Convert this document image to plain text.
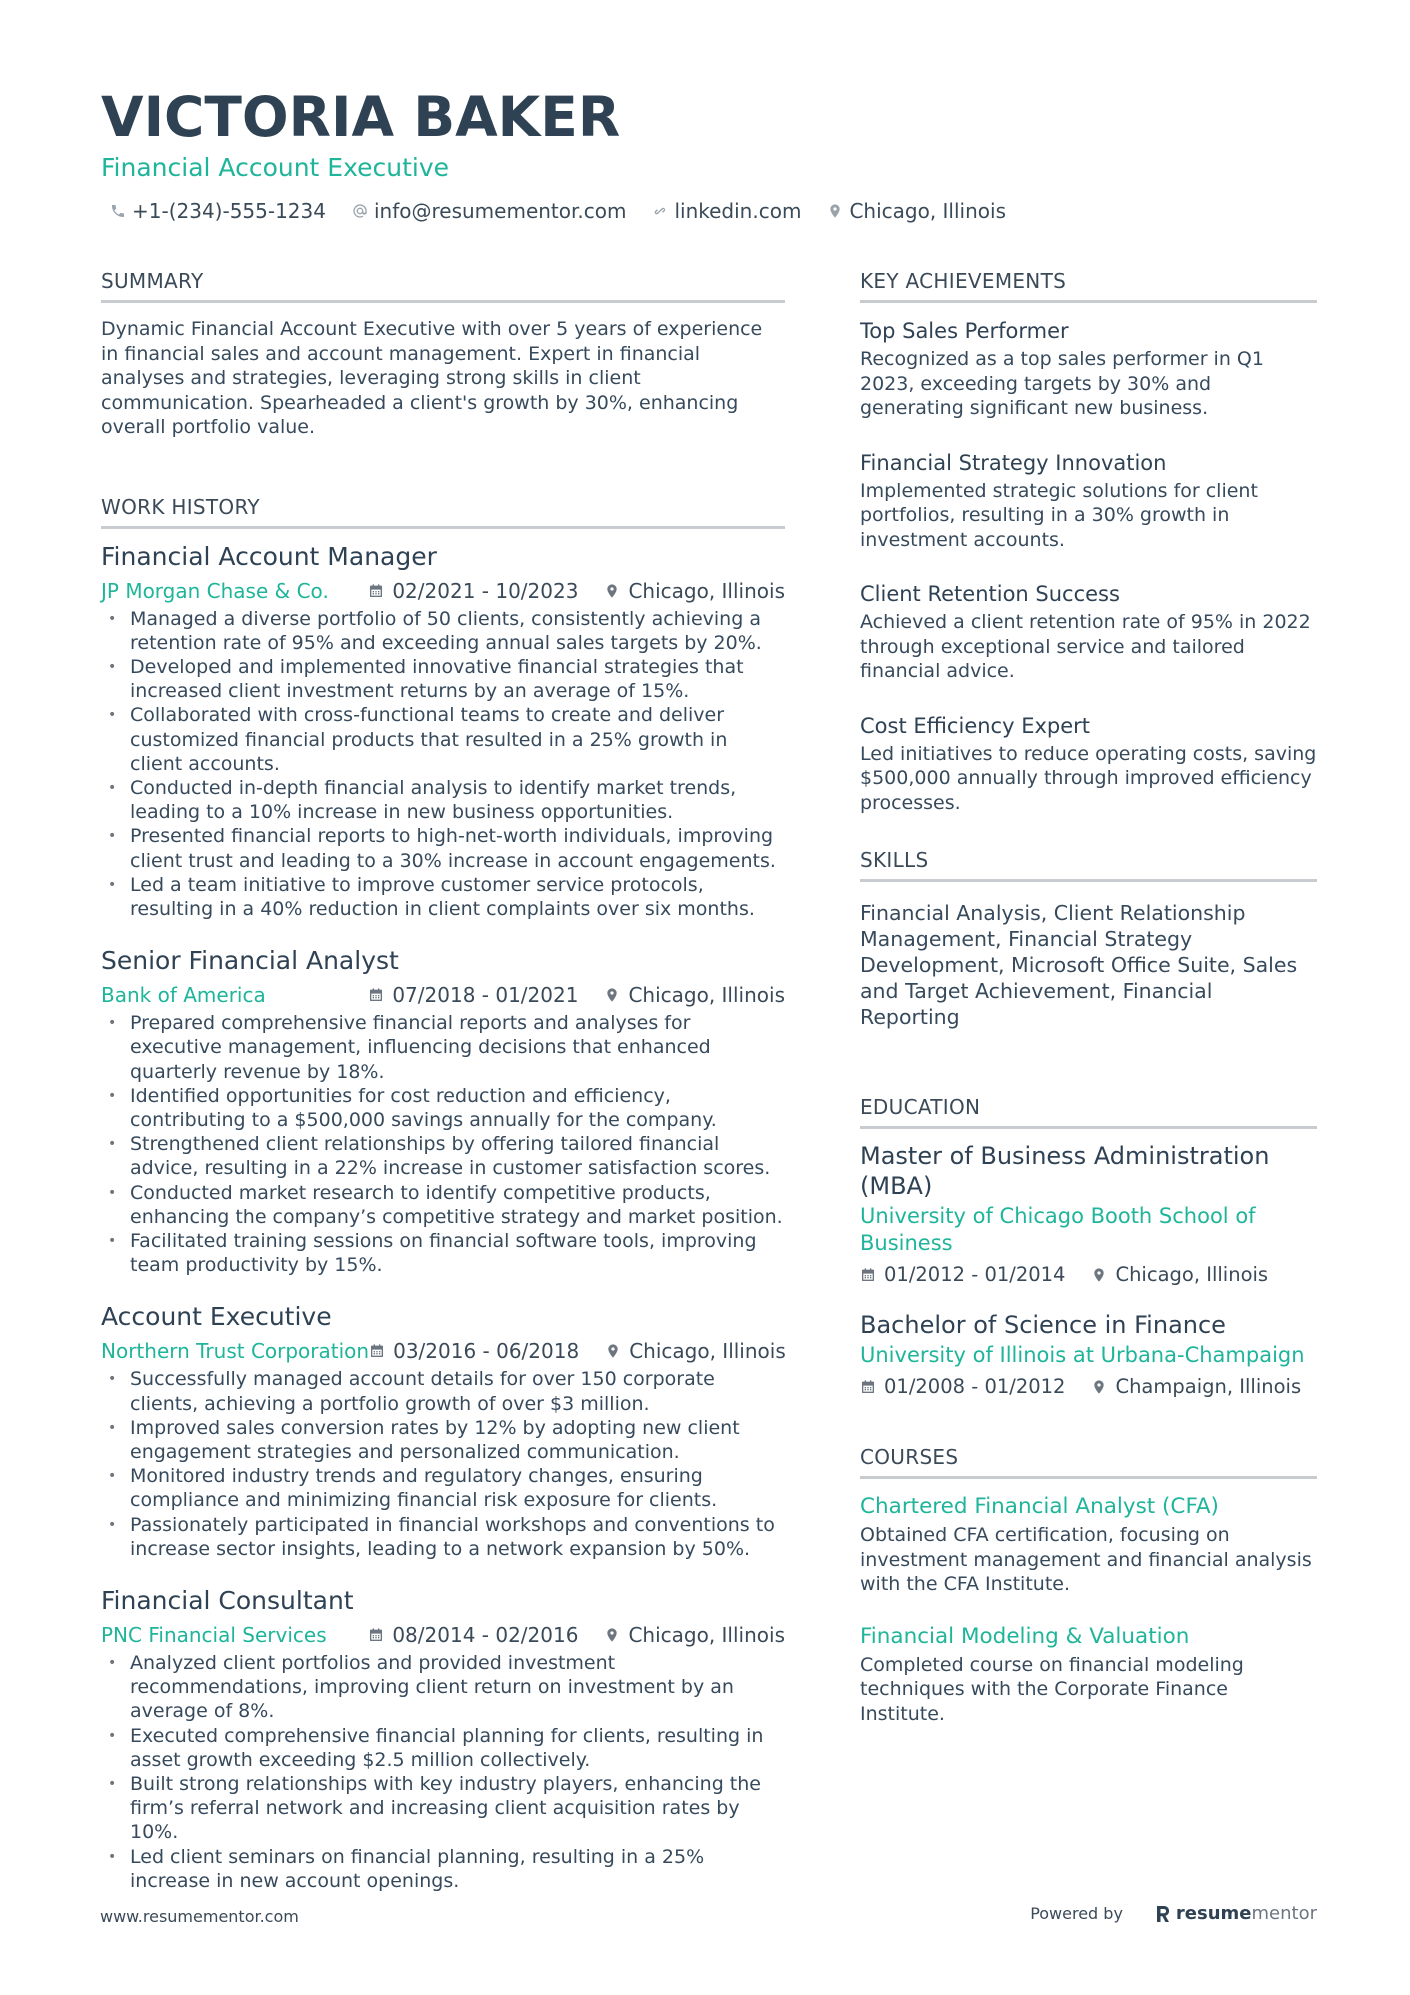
VICTORIA BAKER
Financial Account Executive
+1-(234)-555-1234 info@resumementor.com linkedin.com Chicago, Illinois
SUMMARY
Dynamic Financial Account Executive with over 5 years of experience in financial sales and account management. Expert in financial analyses and strategies, leveraging strong skills in client communication. Spearheaded a client's growth by 30%, enhancing overall portfolio value.
WORK HISTORY
Financial Account Manager
JP Morgan Chase & Co.	02/2021 - 10/2023	Chicago, Illinois
• Managed a diverse portfolio of 50 clients, consistently achieving a retention rate of 95% and exceeding annual sales targets by 20%.
• Developed and implemented innovative financial strategies that increased client investment returns by an average of 15%.
• Collaborated with cross-functional teams to create and deliver customized financial products that resulted in a 25% growth in client accounts.
• Conducted in-depth financial analysis to identify market trends, leading to a 10% increase in new business opportunities.
• Presented financial reports to high-net-worth individuals, improving client trust and leading to a 30% increase in account engagements.
• Led a team initiative to improve customer service protocols, resulting in a 40% reduction in client complaints over six months.
Senior Financial Analyst
Bank of America	07/2018 - 01/2021	Chicago, Illinois
• Prepared comprehensive financial reports and analyses for executive management, influencing decisions that enhanced quarterly revenue by 18%.
• Identified opportunities for cost reduction and efficiency, contributing to a $500,000 savings annually for the company.
• Strengthened client relationships by offering tailored financial advice, resulting in a 22% increase in customer satisfaction scores.
• Conducted market research to identify competitive products, enhancing the company’s competitive strategy and market position.
• Facilitated training sessions on financial software tools, improving team productivity by 15%.
Account Executive
Northern Trust Corporation 03/2016 - 06/2018	Chicago, Illinois
• Successfully managed account details for over 150 corporate clients, achieving a portfolio growth of over $3 million.
• Improved sales conversion rates by 12% by adopting new client engagement strategies and personalized communication.
• Monitored industry trends and regulatory changes, ensuring compliance and minimizing financial risk exposure for clients.
• Passionately participated in financial workshops and conventions to increase sector insights, leading to a network expansion by 50%.
Financial Consultant
PNC Financial Services	08/2014 - 02/2016	Chicago, Illinois
• Analyzed client portfolios and provided investment recommendations, improving client return on investment by an average of 8%.
• Executed comprehensive financial planning for clients, resulting in asset growth exceeding $2.5 million collectively.
• Built strong relationships with key industry players, enhancing the firm’s referral network and increasing client acquisition rates by 10%.
• Led client seminars on financial planning, resulting in a 25% increase in new account openings.
KEY ACHIEVEMENTS
Top Sales Performer
Recognized as a top sales performer in Q1 2023, exceeding targets by 30% and generating significant new business.
Financial Strategy Innovation
Implemented strategic solutions for client portfolios, resulting in a 30% growth in investment accounts.
Client Retention Success
Achieved a client retention rate of 95% in 2022 through exceptional service and tailored financial advice.
Cost Efficiency Expert
Led initiatives to reduce operating costs, saving $500,000 annually through improved efficiency processes.
SKILLS
Financial Analysis, Client Relationship Management, Financial Strategy Development, Microsoft Office Suite, Sales and Target Achievement, Financial Reporting
EDUCATION
Master of Business Administration (MBA)
University of Chicago Booth School of Business
01/2012 - 01/2014	Chicago, Illinois
Bachelor of Science in Finance
University of Illinois at Urbana-Champaign
01/2008 - 01/2012	Champaign, Illinois
COURSES
Chartered Financial Analyst (CFA)
Obtained CFA certification, focusing on investment management and financial analysis with the CFA Institute.
Financial Modeling & Valuation
Completed course on financial modeling techniques with the Corporate Finance Institute.
www.resumementor.com	Powered by	resume mentor
